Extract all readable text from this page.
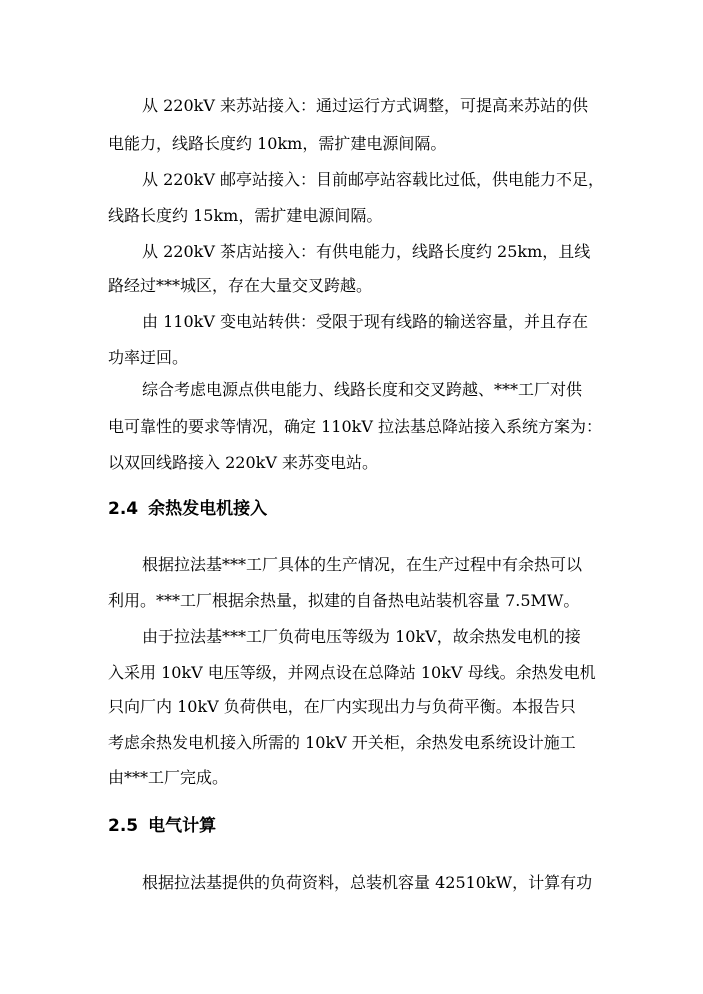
从 220kV 来苏站接入：通过运行方式调整，可提高来苏站的供
电能力，线路长度约 10km，需扩建电源间隔。
从 220kV 邮亭站接入：目前邮亭站容载比过低，供电能力不足，
线路长度约 15km，需扩建电源间隔。
从 220kV 茶店站接入：有供电能力，线路长度约 25km，且线
路经过***城区，存在大量交叉跨越。
由 110kV 变电站转供：受限于现有线路的输送容量，并且存在
功率迂回。
综合考虑电源点供电能力、线路长度和交叉跨越、***工厂对供
电可靠性的要求等情况，确定 110kV 拉法基总降站接入系统方案为：
以双回线路接入 220kV 来苏变电站。
2.4 余热发电机接入
根据拉法基***工厂具体的生产情况，在生产过程中有余热可以
利用。***工厂根据余热量，拟建的自备热电站装机容量 7.5MW。
由于拉法基***工厂负荷电压等级为 10kV，故余热发电机的接
入采用 10kV 电压等级，并网点设在总降站 10kV 母线。余热发电机
只向厂内 10kV 负荷供电，在厂内实现出力与负荷平衡。本报告只
考虑余热发电机接入所需的 10kV 开关柜，余热发电系统设计施工
由***工厂完成。
2.5 电气计算
根据拉法基提供的负荷资料，总装机容量 42510kW，计算有功
